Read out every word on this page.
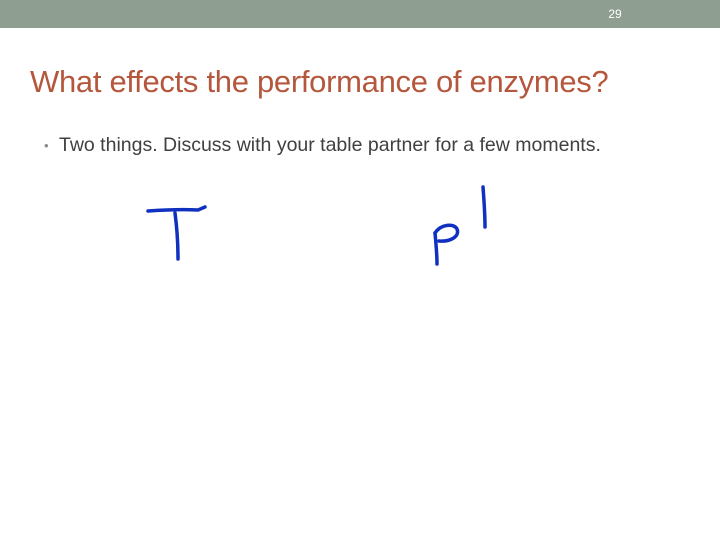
29
What effects the performance of enzymes?
• Two things. Discuss with your table partner for a few moments.
